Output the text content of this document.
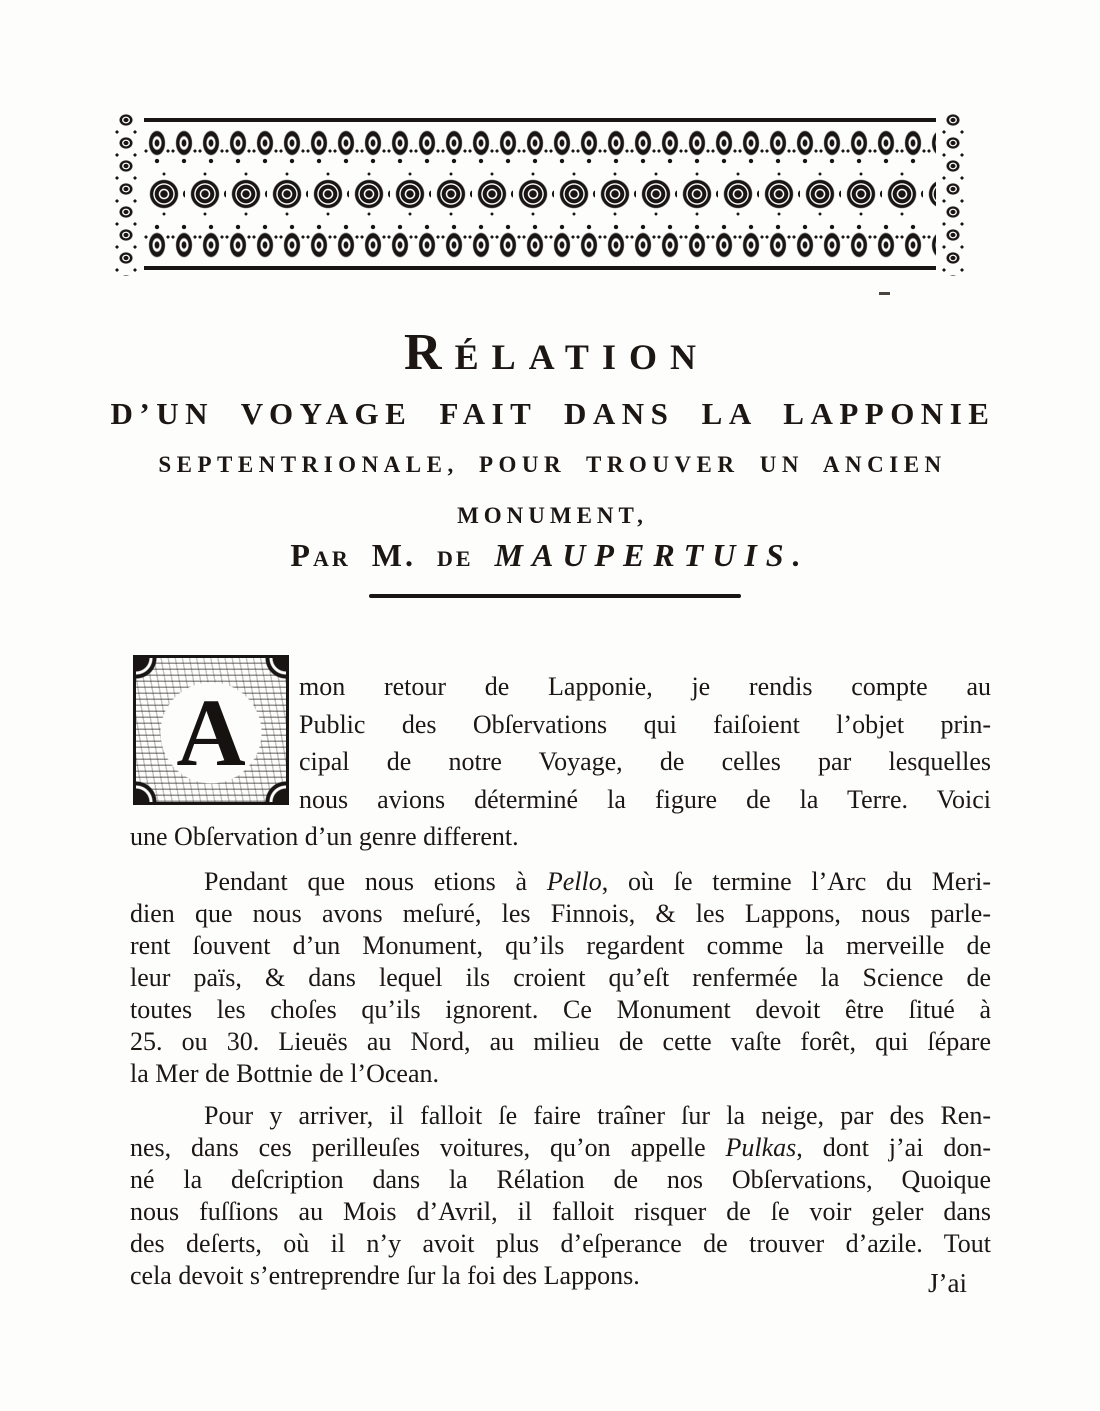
Rélation
D’UN VOYAGE FAIT DANS LA LAPPONIE
SEPTENTRIONALE, POUR TROUVER UN ANCIEN
MONUMENT,
Par M. de MAUPERTUIS.
A	mon retour de Lapponie, je rendis compte au
Public des Obſervations qui faiſoient l’objet prin-
cipal de notre Voyage, de celles par lesquelles
nous avions déterminé la figure de la Terre. Voici
une Obſervation d’un genre different.
Pendant que nous etions à Pello, où ſe termine l’Arc du Meri-
dien que nous avons meſuré, les Finnois, & les Lappons, nous parle-
rent ſouvent d’un Monument, qu’ils regardent comme la merveille de
leur païs, & dans lequel ils croient qu’eſt renfermée la Science de
toutes les choſes qu’ils ignorent. Ce Monument devoit être ſitué à
25. ou 30. Lieuës au Nord, au milieu de cette vaſte forêt, qui ſépare
la Mer de Bottnie de l’Ocean.
Pour y arriver, il falloit ſe faire traîner ſur la neige, par des Ren-
nes, dans ces perilleuſes voitures, qu’on appelle Pulkas, dont j’ai don-
né la deſcription dans la Rélation de nos Obſervations, Quoique
nous fuſſions au Mois d’Avril, il falloit risquer de ſe voir geler dans
des deſerts, où il n’y avoit plus d’eſperance de trouver d’azile. Tout
cela devoit s’entreprendre ſur la foi des Lappons.	J’ai
